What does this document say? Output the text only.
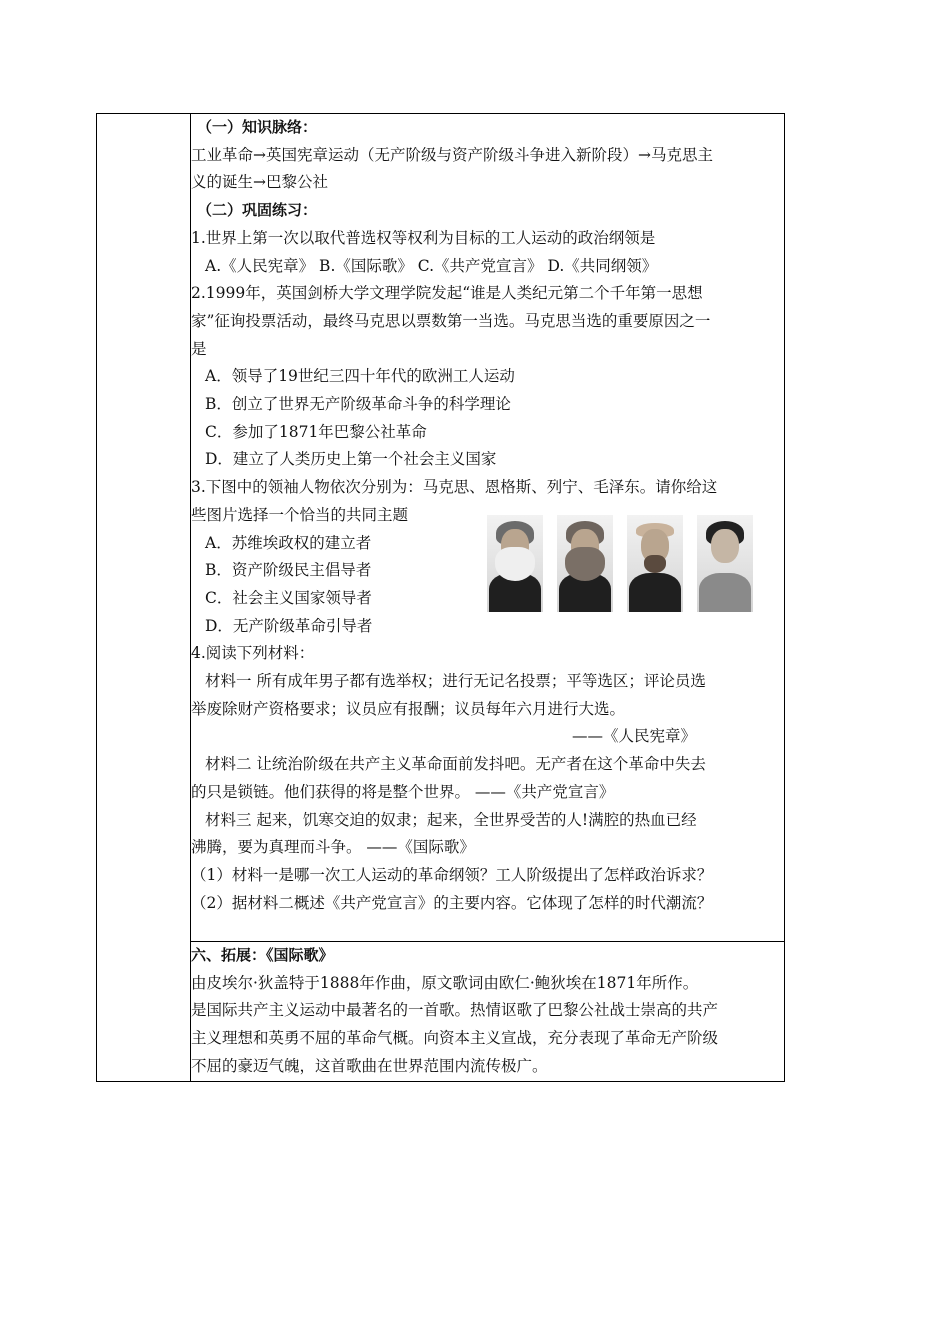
（一）知识脉络：

工业革命→英国宪章运动（无产阶级与资产阶级斗争进入新阶段）→马克思主

义的诞生→巴黎公社

（二）巩固练习：

1.世界上第一次以取代普选权等权利为目标的工人运动的政治纲领是

A.《人民宪章》 B.《国际歌》 C.《共产党宣言》 D.《共同纲领》

2.1999年，英国剑桥大学文理学院发起“谁是人类纪元第二个千年第一思想

家”征询投票活动，最终马克思以票数第一当选。马克思当选的重要原因之一

是

A．领导了19世纪三四十年代的欧洲工人运动

B．创立了世界无产阶级革命斗争的科学理论

C．参加了1871年巴黎公社革命

D．建立了人类历史上第一个社会主义国家

3.下图中的领袖人物依次分别为：马克思、恩格斯、列宁、毛泽东。请你给这

些图片选择一个恰当的共同主题

A．苏维埃政权的建立者

B．资产阶级民主倡导者

C．社会主义国家领导者

D．无产阶级革命引导者

4.阅读下列材料：

材料一 所有成年男子都有选举权；进行无记名投票；平等选区；评论员选

举废除财产资格要求；议员应有报酬；议员每年六月进行大选。

——《人民宪章》

材料二 让统治阶级在共产主义革命面前发抖吧。无产者在这个革命中失去

的只是锁链。他们获得的将是整个世界。 ——《共产党宣言》

材料三 起来，饥寒交迫的奴隶；起来，全世界受苦的人!满腔的热血已经

沸腾，要为真理而斗争。 ——《国际歌》

（1）材料一是哪一次工人运动的革命纲领？工人阶级提出了怎样政治诉求？

（2）据材料二概述《共产党宣言》的主要内容。它体现了怎样的时代潮流？

六、拓展：《国际歌》

由皮埃尔·狄盖特于1888年作曲，原文歌词由欧仁·鲍狄埃在1871年所作。

是国际共产主义运动中最著名的一首歌。热情讴歌了巴黎公社战士崇高的共产

主义理想和英勇不屈的革命气概。向资本主义宣战，充分表现了革命无产阶级

不屈的豪迈气魄，这首歌曲在世界范围内流传极广。
